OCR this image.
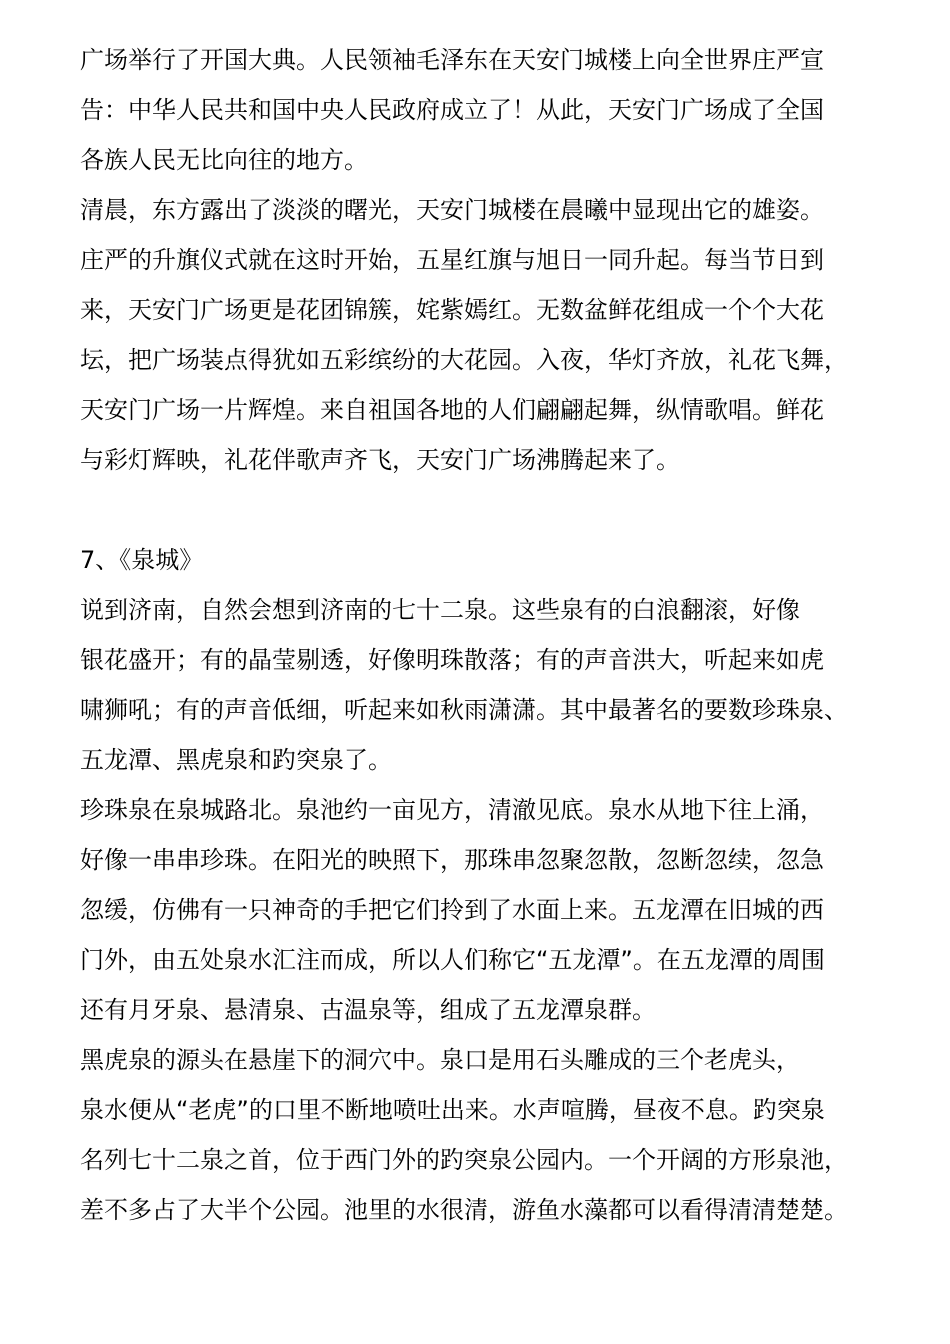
广场举行了开国大典。人民领袖毛泽东在天安门城楼上向全世界庄严宣
告：中华人民共和国中央人民政府成立了！从此，天安门广场成了全国
各族人民无比向往的地方。
清晨，东方露出了淡淡的曙光，天安门城楼在晨曦中显现出它的雄姿。
庄严的升旗仪式就在这时开始，五星红旗与旭日一同升起。每当节日到
来，天安门广场更是花团锦簇，姹紫嫣红。无数盆鲜花组成一个个大花
坛，把广场装点得犹如五彩缤纷的大花园。入夜，华灯齐放，礼花飞舞，
天安门广场一片辉煌。来自祖国各地的人们翩翩起舞，纵情歌唱。鲜花
与彩灯辉映，礼花伴歌声齐飞，天安门广场沸腾起来了。
7、《泉城》
说到济南，自然会想到济南的七十二泉。这些泉有的白浪翻滚，好像
银花盛开；有的晶莹剔透，好像明珠散落；有的声音洪大，听起来如虎
啸狮吼；有的声音低细，听起来如秋雨潇潇。其中最著名的要数珍珠泉、
五龙潭、黑虎泉和趵突泉了。
珍珠泉在泉城路北。泉池约一亩见方，清澈见底。泉水从地下往上涌，
好像一串串珍珠。在阳光的映照下，那珠串忽聚忽散，忽断忽续，忽急
忽缓，仿佛有一只神奇的手把它们拎到了水面上来。五龙潭在旧城的西
门外，由五处泉水汇注而成，所以人们称它“五龙潭”。在五龙潭的周围
还有月牙泉、悬清泉、古温泉等，组成了五龙潭泉群。
黑虎泉的源头在悬崖下的洞穴中。泉口是用石头雕成的三个老虎头，
泉水便从“老虎”的口里不断地喷吐出来。水声喧腾，昼夜不息。趵突泉
名列七十二泉之首，位于西门外的趵突泉公园内。一个开阔的方形泉池，
差不多占了大半个公园。池里的水很清，游鱼水藻都可以看得清清楚楚。
